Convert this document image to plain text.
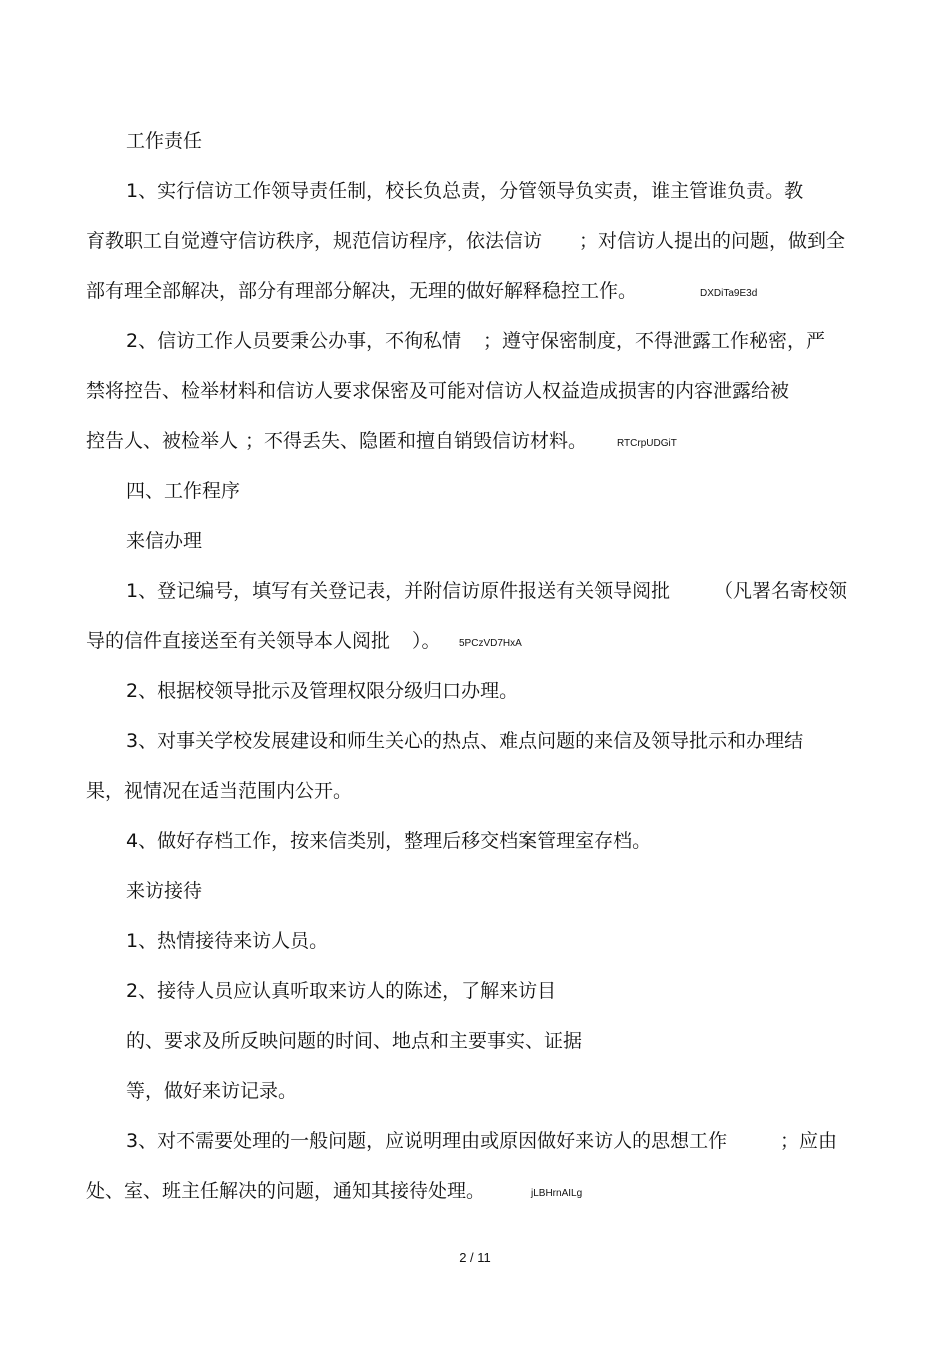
工作责任
1、实行信访工作领导责任制，校长负总责，分管领导负实责，谁主管谁负责。教
育教职工自觉遵守信访秩序，规范信访程序，依法信访 ；对信访人提出的问题，做到全
部有理全部解决，部分有理部分解决，无理的做好解释稳控工作。	DXDiTa9E3d
2、信访工作人员要秉公办事，不徇私情 ；遵守保密制度，不得泄露工作秘密，严
禁将控告、检举材料和信访人要求保密及可能对信访人权益造成损害的内容泄露给被
控告人、被检举人 ；不得丢失、隐匿和擅自销毁信访材料。	RTCrpUDGiT
四、工作程序
来信办理
1、登记编号，填写有关登记表，并附信访原件报送有关领导阅批 （凡署名寄校领
导的信件直接送至有关领导本人阅批 ）。 5PCzVD7HxA
2、根据校领导批示及管理权限分级归口办理。
3、对事关学校发展建设和师生关心的热点、难点问题的来信及领导批示和办理结
果，视情况在适当范围内公开。
4、做好存档工作，按来信类别，整理后移交档案管理室存档。
来访接待
1、热情接待来访人员。
2、接待人员应认真听取来访人的陈述，了解来访目
的、要求及所反映问题的时间、地点和主要事实、证据
等，做好来访记录。
3、对不需要处理的一般问题，应说明理由或原因做好来访人的思想工作	；应由
处、室、班主任解决的问题，通知其接待处理。	jLBHrnAILg
2 / 11
